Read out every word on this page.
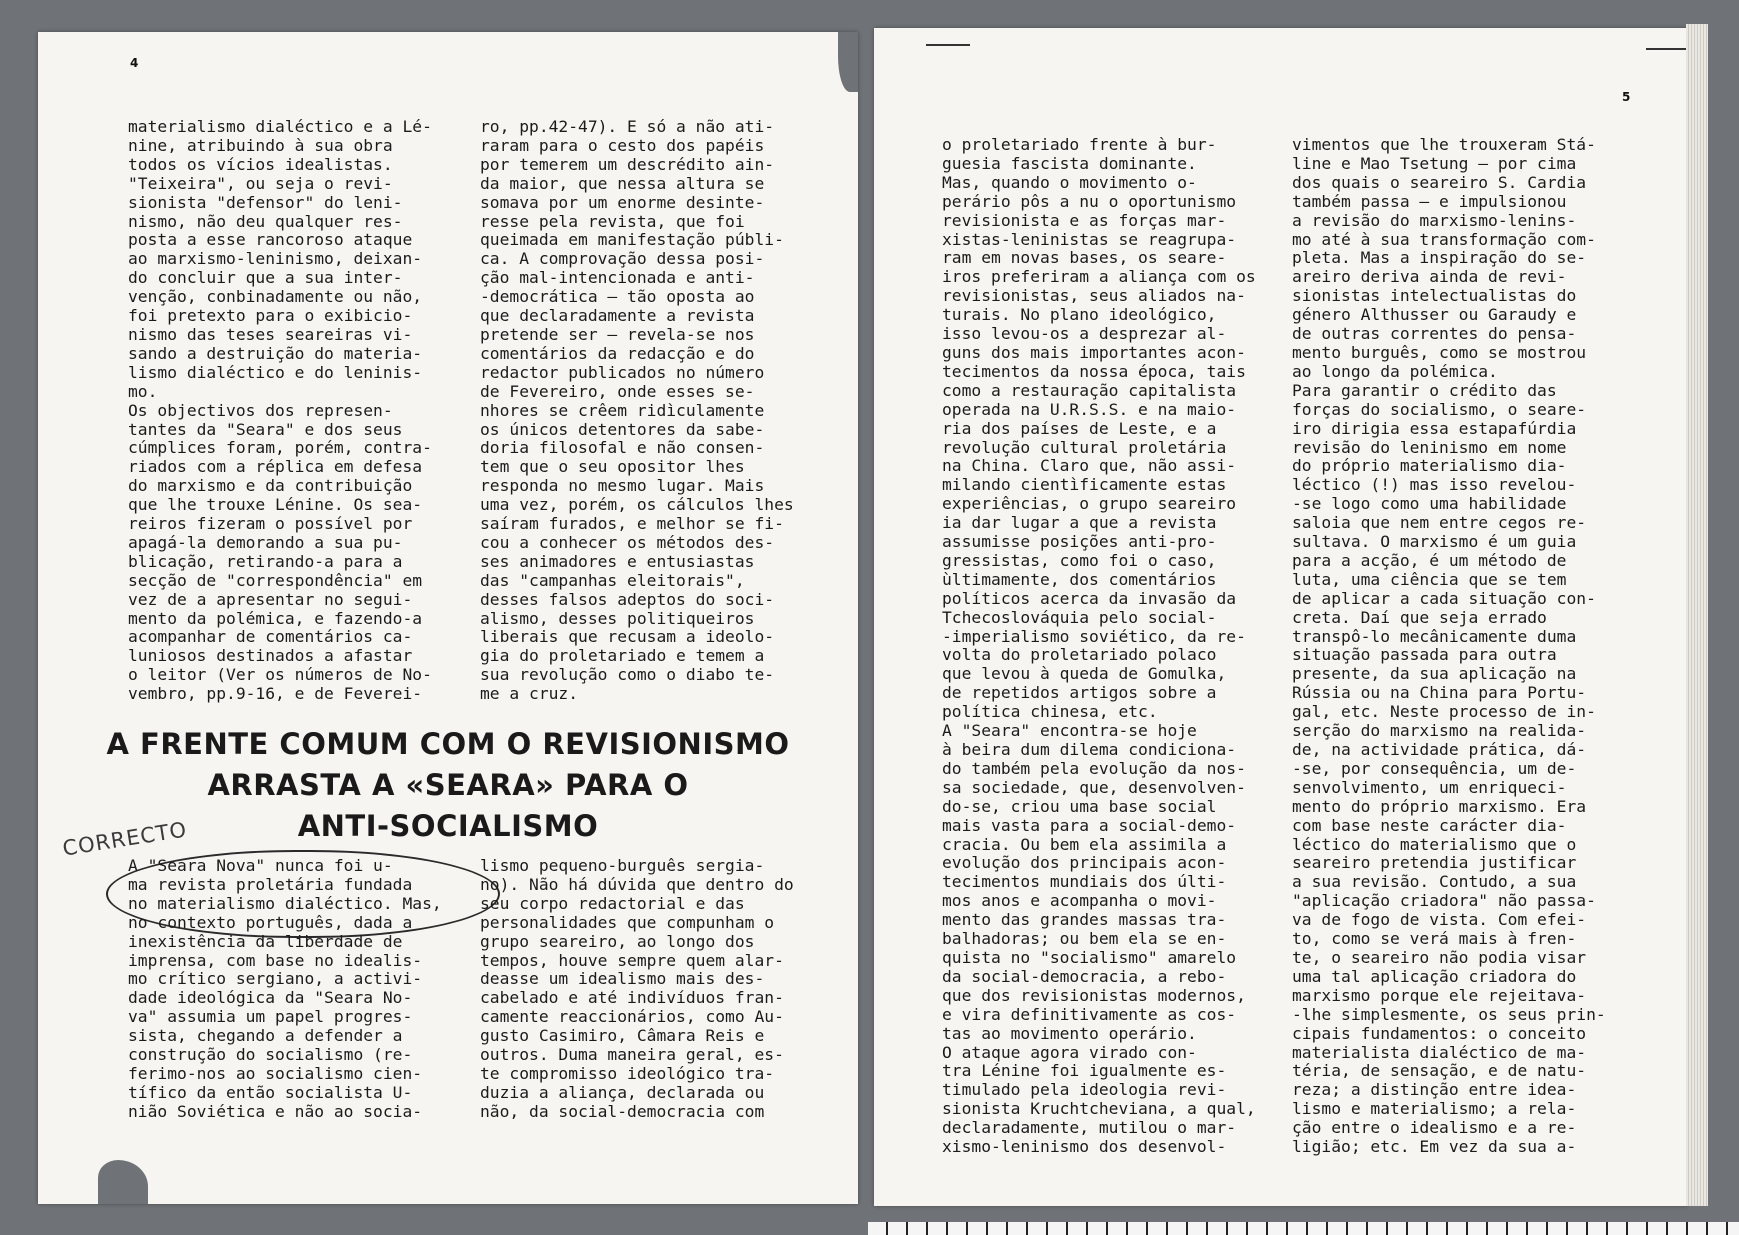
4
materialismo dialéctico e a Lé-
nine, atribuindo à sua obra
todos os vícios idealistas.
"Teixeira", ou seja o revi-
sionista "defensor" do leni-
nismo, não deu qualquer res-
posta a esse rancoroso ataque
ao marxismo-leninismo, deixan-
do concluir que a sua inter-
venção, conbinadamente ou não,
foi pretexto para o exibicio-
nismo das teses seareiras vi-
sando a destruição do materia-
lismo dialéctico e do leninis-
mo.
Os objectivos dos represen-
tantes da "Seara" e dos seus
cúmplices foram, porém, contra-
riados com a réplica em defesa
do marxismo e da contribuição
que lhe trouxe Lénine. Os sea-
reiros fizeram o possível por
apagá-la demorando a sua pu-
blicação, retirando-a para a
secção de "correspondência" em
vez de a apresentar no segui-
mento da polémica, e fazendo-a
acompanhar de comentários ca-
luniosos destinados a afastar
o leitor (Ver os números de No-
vembro, pp.9-16, e de Feverei-
ro, pp.42-47). E só a não ati-
raram para o cesto dos papéis
por temerem um descrédito ain-
da maior, que nessa altura se
somava por um enorme desinte-
resse pela revista, que foi
queimada em manifestação públi-
ca. A comprovação dessa posi-
ção mal-intencionada e anti-
-democrática — tão oposta ao
que declaradamente a revista
pretende ser — revela-se nos
comentários da redacção e do
redactor publicados no número
de Fevereiro, onde esses se-
nhores se crêem ridìculamente
os únicos detentores da sabe-
doria filosofal e não consen-
tem que o seu opositor lhes
responda no mesmo lugar. Mais
uma vez, porém, os cálculos lhes
saíram furados, e melhor se fi-
cou a conhecer os métodos des-
ses animadores e entusiastas
das "campanhas eleitorais",
desses falsos adeptos do soci-
alismo, desses politiqueiros
liberais que recusam a ideolo-
gia do proletariado e temem a
sua revolução como o diabo te-
me a cruz.
A FRENTE COMUM COM O REVISIONISMO
ARRASTA A «SEARA» PARA O
ANTI-SOCIALISMO
CORRECTO
A "Seara Nova" nunca foi u-
ma revista proletária fundada
no materialismo dialéctico. Mas,
no contexto português, dada a
inexistência da liberdade de
imprensa, com base no idealis-
mo crítico sergiano, a activi-
dade ideológica da "Seara No-
va" assumia um papel progres-
sista, chegando a defender a
construção do socialismo (re-
ferimo-nos ao socialismo cien-
tífico da então socialista U-
nião Soviética e não ao socia-
lismo pequeno-burguês sergia-
no). Não há dúvida que dentro do
seu corpo redactorial e das
personalidades que compunham o
grupo seareiro, ao longo dos
tempos, houve sempre quem alar-
deasse um idealismo mais des-
cabelado e até indivíduos fran-
camente reaccionários, como Au-
gusto Casimiro, Câmara Reis e
outros. Duma maneira geral, es-
te compromisso ideológico tra-
duzia a aliança, declarada ou
não, da social-democracia com
5
o proletariado frente à bur-
guesia fascista dominante.
Mas, quando o movimento o-
perário pôs a nu o oportunismo
revisionista e as forças mar-
xistas-leninistas se reagrupa-
ram em novas bases, os seare-
iros preferiram a aliança com os
revisionistas, seus aliados na-
turais. No plano ideológico,
isso levou-os a desprezar al-
guns dos mais importantes acon-
tecimentos da nossa época, tais
como a restauração capitalista
operada na U.R.S.S. e na maio-
ria dos países de Leste, e a
revolução cultural proletária
na China. Claro que, não assi-
milando cientìficamente estas
experiências, o grupo seareiro
ia dar lugar a que a revista
assumisse posições anti-pro-
gressistas, como foi o caso,
ùltimamente, dos comentários
políticos acerca da invasão da
Tchecoslováquia pelo social-
-imperialismo soviético, da re-
volta do proletariado polaco
que levou à queda de Gomulka,
de repetidos artigos sobre a
política chinesa, etc.
A "Seara" encontra-se hoje
à beira dum dilema condiciona-
do também pela evolução da nos-
sa sociedade, que, desenvolven-
do-se, criou uma base social
mais vasta para a social-demo-
cracia. Ou bem ela assimila a
evolução dos principais acon-
tecimentos mundiais dos últi-
mos anos e acompanha o movi-
mento das grandes massas tra-
balhadoras; ou bem ela se en-
quista no "socialismo" amarelo
da social-democracia, a rebo-
que dos revisionistas modernos,
e vira definitivamente as cos-
tas ao movimento operário.
O ataque agora virado con-
tra Lénine foi igualmente es-
timulado pela ideologia revi-
sionista Kruchtcheviana, a qual,
declaradamente, mutilou o mar-
xismo-leninismo dos desenvol-
vimentos que lhe trouxeram Stá-
line e Mao Tsetung — por cima
dos quais o seareiro S. Cardia
também passa — e impulsionou
a revisão do marxismo-lenins-
mo até à sua transformação com-
pleta. Mas a inspiração do se-
areiro deriva ainda de revi-
sionistas intelectualistas do
género Althusser ou Garaudy e
de outras correntes do pensa-
mento burguês, como se mostrou
ao longo da polémica.
Para garantir o crédito das
forças do socialismo, o seare-
iro dirigia essa estapafúrdia
revisão do leninismo em nome
do próprio materialismo dia-
léctico (!) mas isso revelou-
-se logo como uma habilidade
saloia que nem entre cegos re-
sultava. O marxismo é um guia
para a acção, é um método de
luta, uma ciência que se tem
de aplicar a cada situação con-
creta. Daí que seja errado
transpô-lo mecânicamente duma
situação passada para outra
presente, da sua aplicação na
Rússia ou na China para Portu-
gal, etc. Neste processo de in-
serção do marxismo na realida-
de, na actividade prática, dá-
-se, por consequência, um de-
senvolvimento, um enriqueci-
mento do próprio marxismo. Era
com base neste carácter dia-
léctico do materialismo que o
seareiro pretendia justificar
a sua revisão. Contudo, a sua
"aplicação criadora" não passa-
va de fogo de vista. Com efei-
to, como se verá mais à fren-
te, o seareiro não podia visar
uma tal aplicação criadora do
marxismo porque ele rejeitava-
-lhe simplesmente, os seus prin-
cipais fundamentos: o conceito
materialista dialéctico de ma-
téria, de sensação, e de natu-
reza; a distinção entre idea-
lismo e materialismo; a rela-
ção entre o idealismo e a re-
ligião; etc. Em vez da sua a-
